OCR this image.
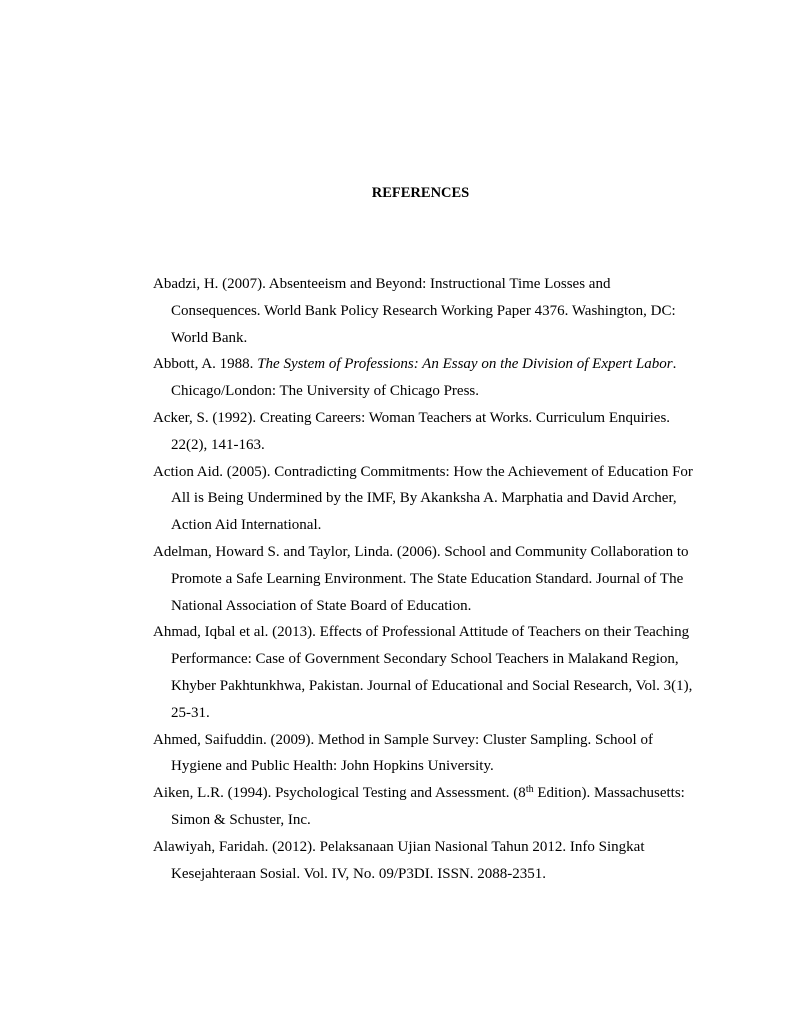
REFERENCES
Abadzi, H. (2007). Absenteeism and Beyond: Instructional Time Losses and Consequences. World Bank Policy Research Working Paper 4376. Washington, DC: World Bank.
Abbott, A. 1988. The System of Professions: An Essay on the Division of Expert Labor. Chicago/London: The University of Chicago Press.
Acker, S. (1992). Creating Careers: Woman Teachers at Works. Curriculum Enquiries. 22(2), 141-163.
Action Aid. (2005). Contradicting Commitments: How the Achievement of Education For All is Being Undermined by the IMF, By Akanksha A. Marphatia and David Archer, Action Aid International.
Adelman, Howard S. and Taylor, Linda. (2006). School and Community Collaboration to Promote a Safe Learning Environment. The State Education Standard. Journal of The National Association of State Board of Education.
Ahmad, Iqbal et al. (2013). Effects of Professional Attitude of Teachers on their Teaching Performance: Case of Government Secondary School Teachers in Malakand Region, Khyber Pakhtunkhwa, Pakistan. Journal of Educational and Social Research, Vol. 3(1), 25-31.
Ahmed, Saifuddin. (2009). Method in Sample Survey: Cluster Sampling. School of Hygiene and Public Health: John Hopkins University.
Aiken, L.R. (1994). Psychological Testing and Assessment. (8th Edition). Massachusetts: Simon & Schuster, Inc.
Alawiyah, Faridah. (2012). Pelaksanaan Ujian Nasional Tahun 2012. Info Singkat Kesejahteraan Sosial. Vol. IV, No. 09/P3DI. ISSN. 2088-2351.
